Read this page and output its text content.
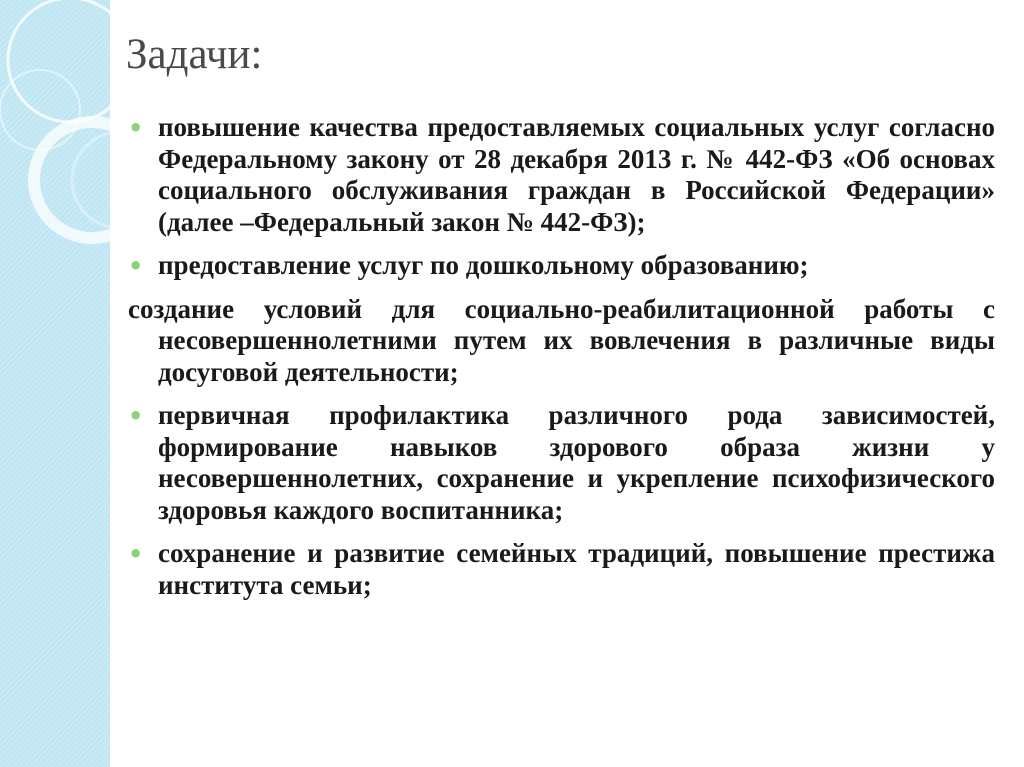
Задачи:
• повышение качества предоставляемых социальных услуг согласно Федеральному закону от 28 декабря 2013 г. № 442-ФЗ «Об основах социального обслуживания граждан в Российской Федерации» (далее –Федеральный закон № 442-ФЗ);
• предоставление услуг по дошкольному образованию;
создание условий для социально-реабилитационной работы с несовершеннолетними путем их вовлечения в различные виды досуговой деятельности;
• первичная профилактика различного рода зависимостей, формирование навыков здорового образа жизни у несовершеннолетних, сохранение и укрепление психофизического здоровья каждого воспитанника;
• сохранение и развитие семейных традиций, повышение престижа института семьи;
